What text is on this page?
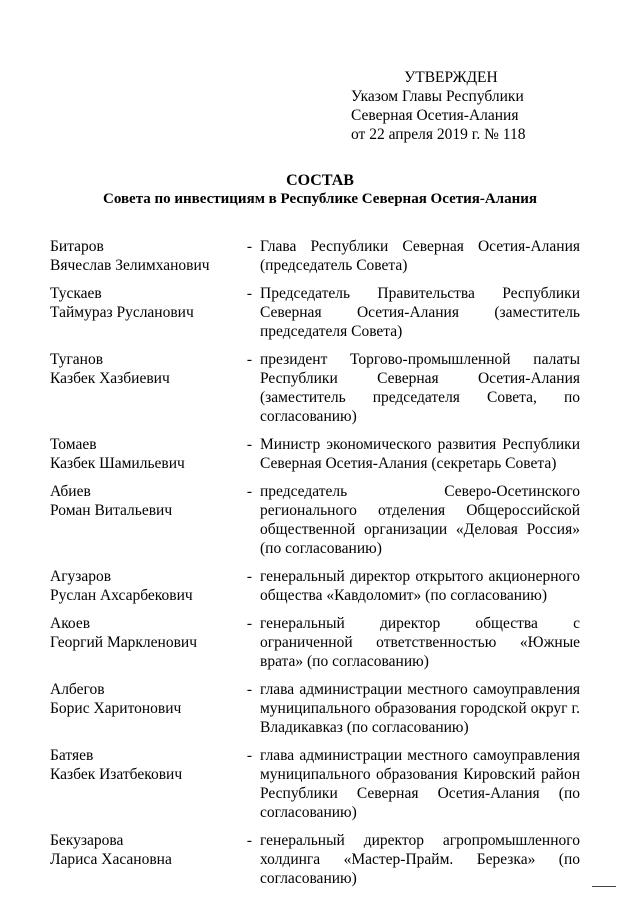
УТВЕРЖДЕН
Указом Главы Республики
Северная Осетия-Алания
от 22 апреля 2019 г. № 118
СОСТАВ
Совета по инвестициям в Республике Северная Осетия-Алания
Битаров
Вячеслав Зелимханович
- Глава Республики Северная Осетия-Алания (председатель Совета)
Тускаев
Таймураз Русланович
- Председатель Правительства Республики Северная Осетия-Алания (заместитель председателя Совета)
Туганов
Казбек Хазбиевич
- президент Торгово-промышленной палаты Республики Северная Осетия-Алания (заместитель председателя Совета, по согласованию)
Томаев
Казбек Шамильевич
- Министр экономического развития Республики Северная Осетия-Алания (секретарь Совета)
Абиев
Роман Витальевич
- председатель Северо-Осетинского регионального отделения Общероссийской общественной организации «Деловая Россия» (по согласованию)
Агузаров
Руслан Ахсарбекович
- генеральный директор открытого акционерного общества «Кавдоломит» (по согласованию)
Акоев
Георгий Маркленович
- генеральный директор общества с ограниченной ответственностью «Южные врата» (по согласованию)
Албегов
Борис Харитонович
- глава администрации местного самоуправления муниципального образования городской округ г. Владикавказ (по согласованию)
Батяев
Казбек Изатбекович
- глава администрации местного самоуправления муниципального образования Кировский район Республики Северная Осетия-Алания (по согласованию)
Бекузарова
Лариса Хасановна
- генеральный директор агропромышленного холдинга «Мастер-Прайм. Березка» (по согласованию)
